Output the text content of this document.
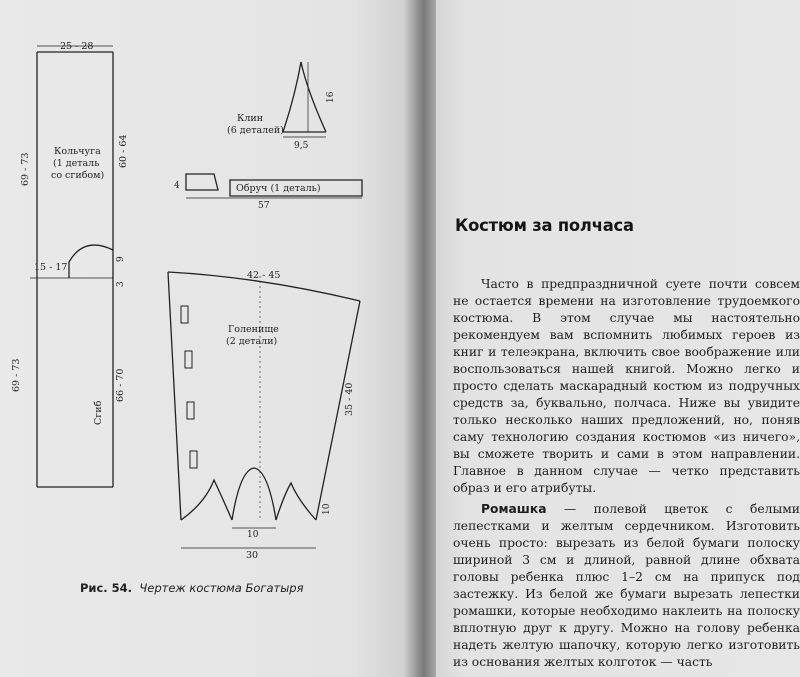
25 - 28
Кольчуга
(1 деталь
со сгибом)
69 - 73
60 - 64
15 - 17
9
3
69 - 73
Сгиб
66 - 70
Клин
(6 деталей)
16
9,5
4	Обруч (1 деталь)
57
42 - 45
Голенище
(2 детали)
35 - 40
10
10
30
Рис. 54. Чертеж костюма Богатыря
Костюм за полчаса

Часто в предпраздничной суете почти совсем не остается времени на изготовление трудоемкого костюма. В этом случае мы настоятельно рекомендуем вам вспомнить любимых героев из книг и телеэкрана, включить свое воображение или воспользоваться нашей книгой. Можно легко и просто сделать маскарадный костюм из подручных средств за, буквально, полчаса. Ниже вы увидите только несколько наших предложений, но, поняв саму технологию создания костюмов «из ничего», вы сможете творить и сами в этом направлении. Главное в данном случае — четко представить образ и его атрибуты.

Ромашка — полевой цветок с белыми лепестками и желтым сердечником. Изготовить очень просто: вырезать из белой бумаги полоску шириной 3 см и длиной, равной длине обхвата головы ребенка плюс 1–2 см на припуск под застежку. Из белой же бумаги вырезать лепестки ромашки, которые необходимо наклеить на полоску вплотную друг к другу. Можно на голову ребенка надеть желтую шапочку, которую легко изготовить из основания желтых колготок — часть
